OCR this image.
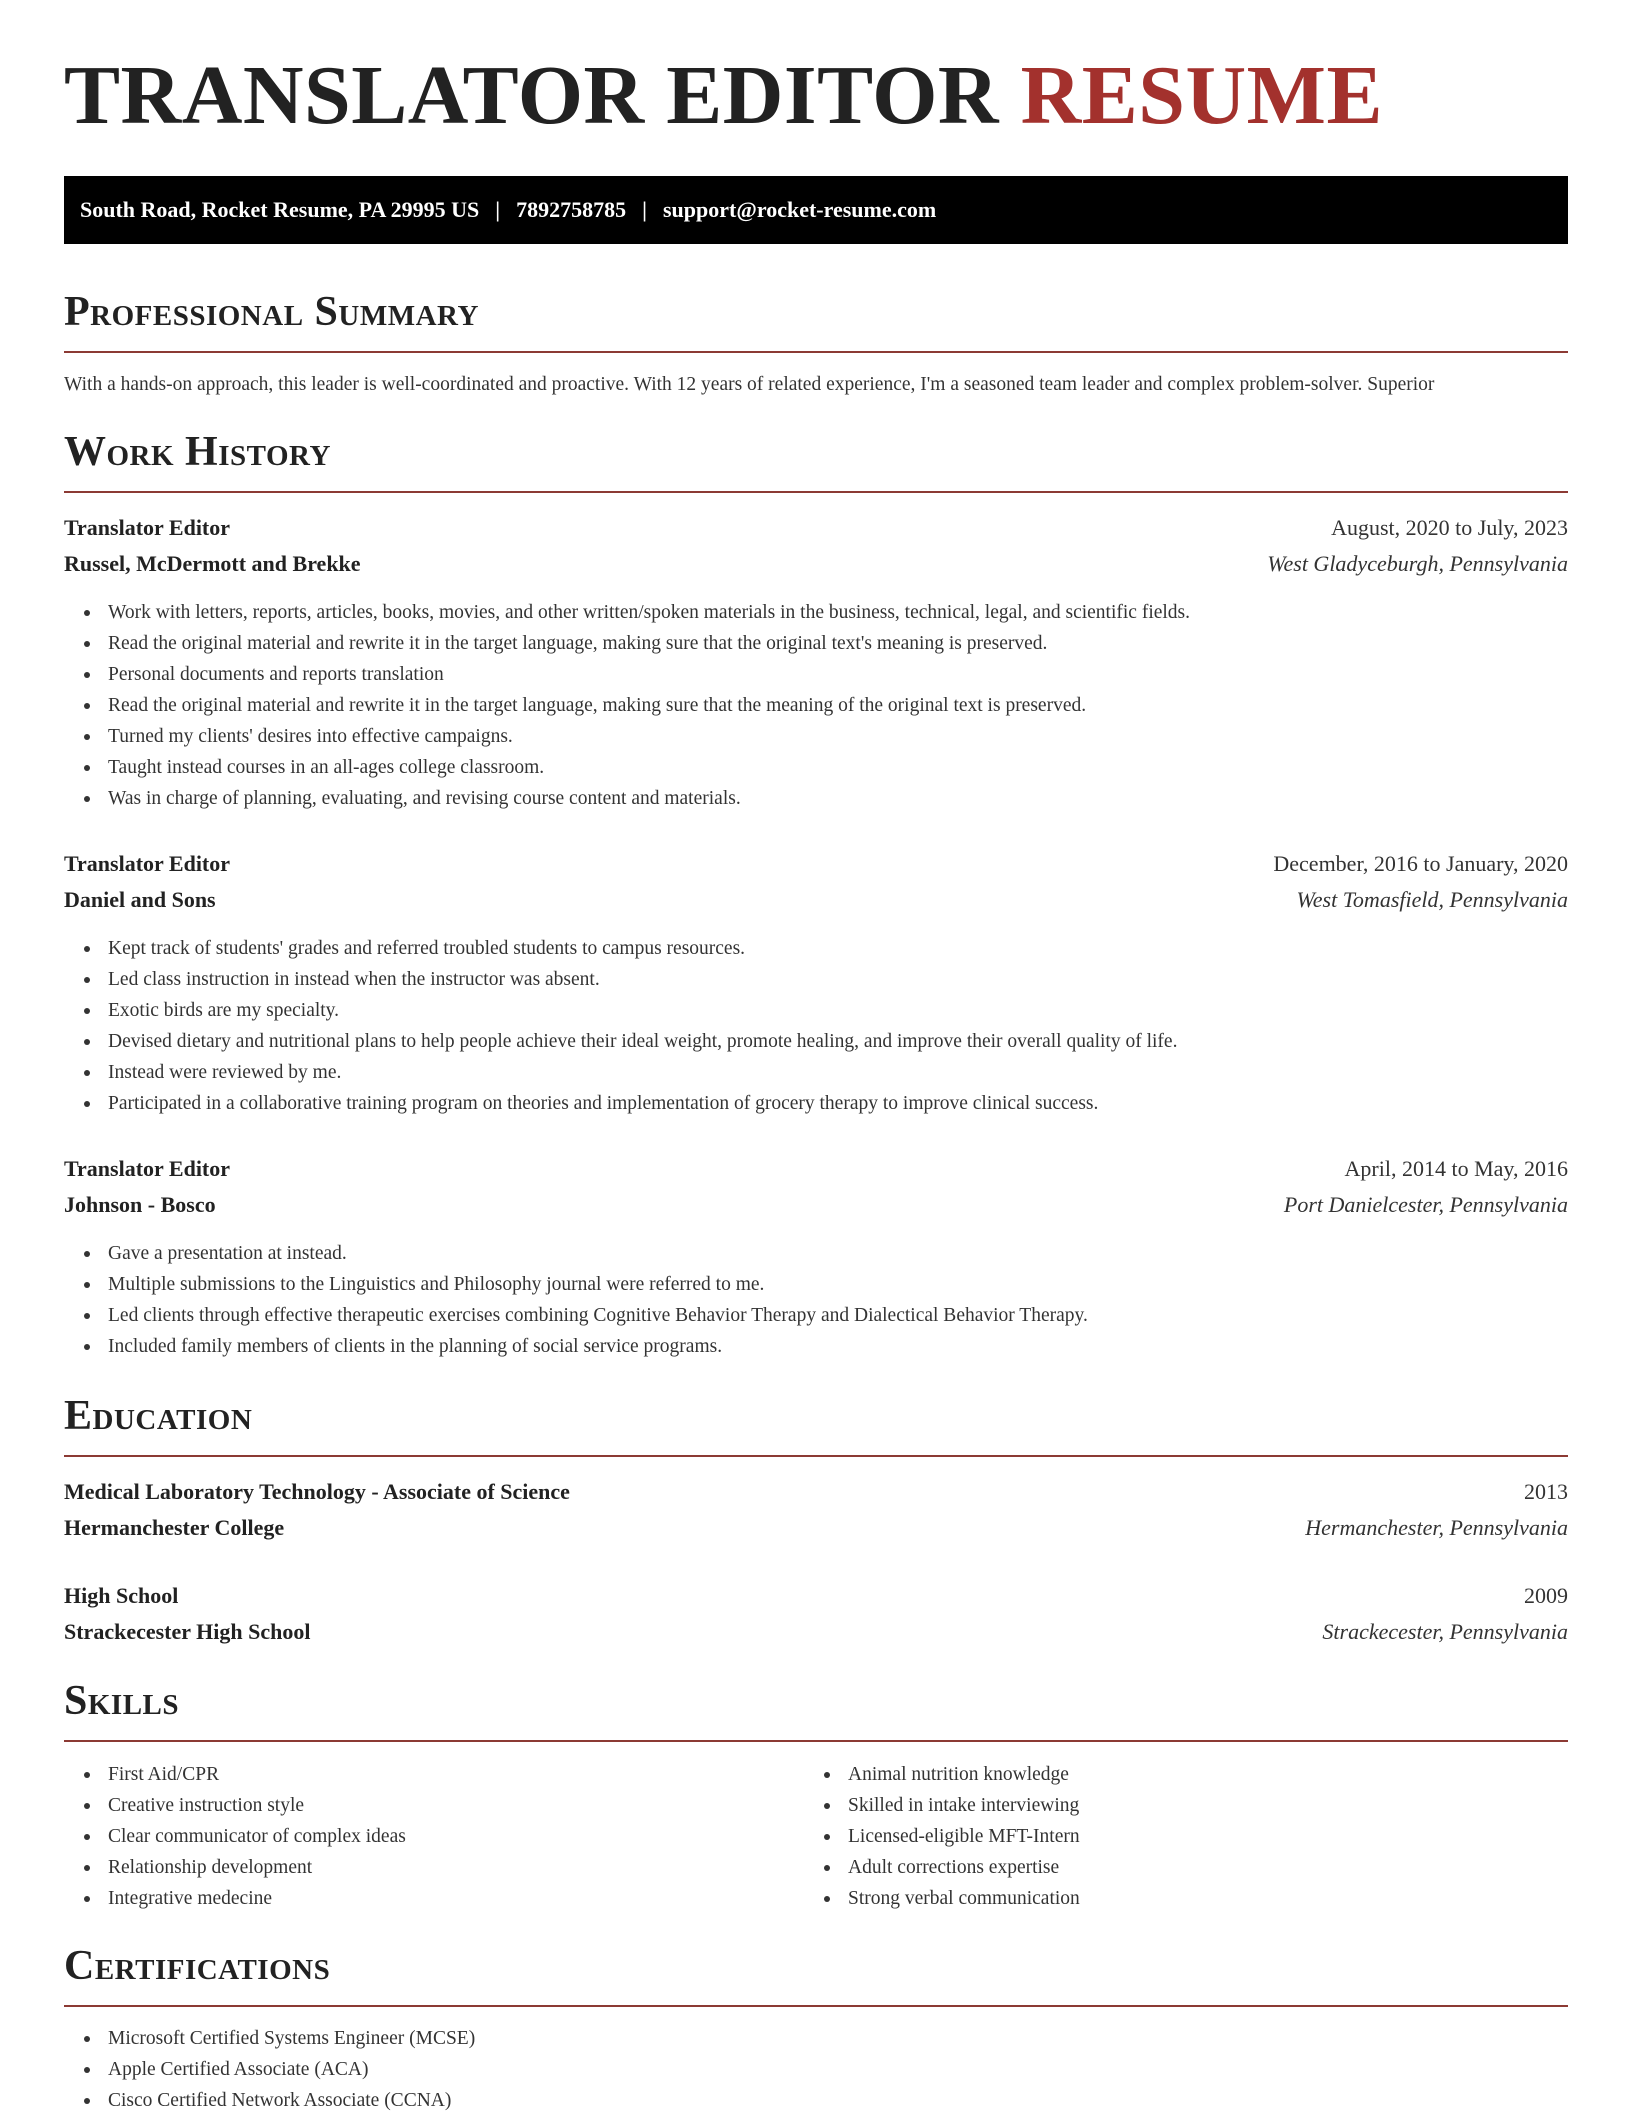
TRANSLATOR EDITOR RESUME
South Road, Rocket Resume, PA 29995 US | 7892758785 | support@rocket-resume.com
Professional Summary

With a hands-on approach, this leader is well-coordinated and proactive. With 12 years of related experience, I'm a seasoned team leader and complex problem-solver. Superior

Work History
Translator Editor	August, 2020 to July, 2023
Russel, McDermott and Brekke	West Gladyceburgh, Pennsylvania
Work with letters, reports, articles, books, movies, and other written/spoken materials in the business, technical, legal, and scientific fields.
Read the original material and rewrite it in the target language, making sure that the original text's meaning is preserved.
Personal documents and reports translation
Read the original material and rewrite it in the target language, making sure that the meaning of the original text is preserved.
Turned my clients' desires into effective campaigns.
Taught instead courses in an all-ages college classroom.
Was in charge of planning, evaluating, and revising course content and materials.
Translator Editor	December, 2016 to January, 2020
Daniel and Sons	West Tomasfield, Pennsylvania
Kept track of students' grades and referred troubled students to campus resources.
Led class instruction in instead when the instructor was absent.
Exotic birds are my specialty.
Devised dietary and nutritional plans to help people achieve their ideal weight, promote healing, and improve their overall quality of life.
Instead were reviewed by me.
Participated in a collaborative training program on theories and implementation of grocery therapy to improve clinical success.
Translator Editor	April, 2014 to May, 2016
Johnson - Bosco	Port Danielcester, Pennsylvania
Gave a presentation at instead.
Multiple submissions to the Linguistics and Philosophy journal were referred to me.
Led clients through effective therapeutic exercises combining Cognitive Behavior Therapy and Dialectical Behavior Therapy.
Included family members of clients in the planning of social service programs.
Education
Medical Laboratory Technology - Associate of Science	2013
Hermanchester College	Hermanchester, Pennsylvania
High School	2009
Strackecester High School	Strackecester, Pennsylvania
Skills
First Aid/CPR
Creative instruction style
Clear communicator of complex ideas
Relationship development
Integrative medecine
Animal nutrition knowledge
Skilled in intake interviewing
Licensed-eligible MFT-Intern
Adult corrections expertise
Strong verbal communication
Certifications
Microsoft Certified Systems Engineer (MCSE)
Apple Certified Associate (ACA)
Cisco Certified Network Associate (CCNA)
